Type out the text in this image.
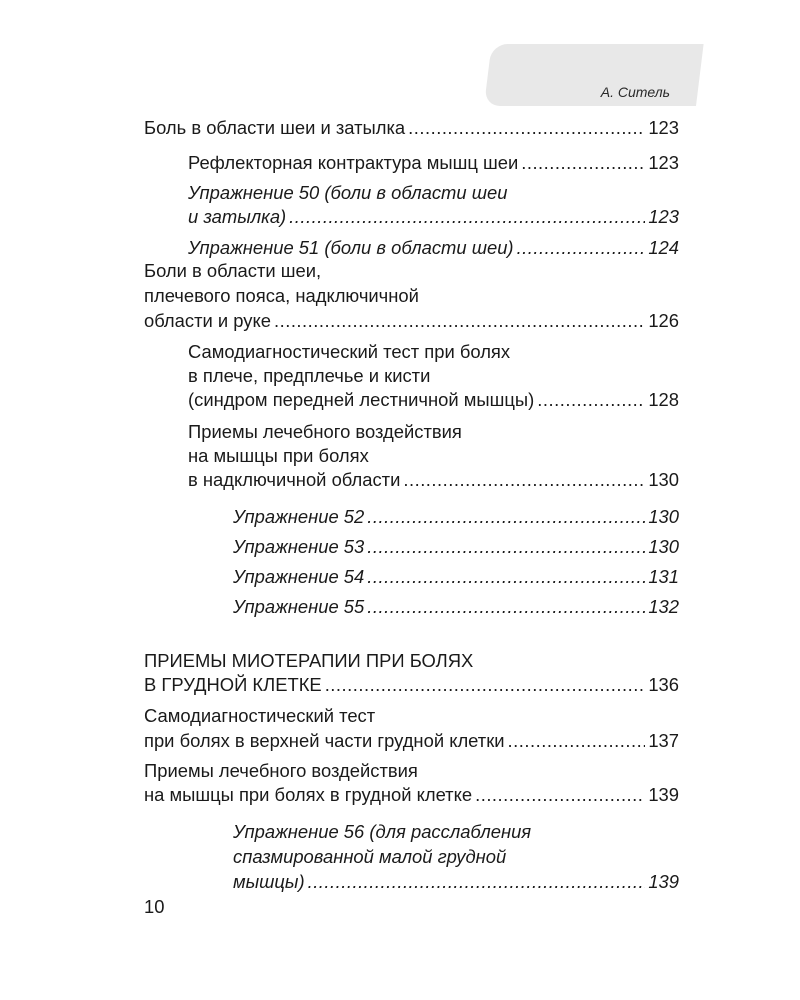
А. Ситель
Боль в области шеи и затылка .....	123
Рефлекторная контрактура мышц шеи .....	123
Упражнение 50 (боли в области шеи
и затылка) .....	123
Упражнение 51 (боли в области шеи) .....	124
Боли в области шеи,
плечевого пояса, надключичной
области и руке .....	126
Самодиагностический тест при болях
в плече, предплечье и кисти
(синдром передней лестничной мышцы) .....	128
Приемы лечебного воздействия
на мышцы при болях
в надключичной области .....	130
Упражнение 52 .....	130
Упражнение 53 .....	130
Упражнение 54 .....	131
Упражнение 55 .....	132
ПРИЕМЫ МИОТЕРАПИИ ПРИ БОЛЯХ
В ГРУДНОЙ КЛЕТКЕ .....	136
Самодиагностический тест
при болях в верхней части грудной клетки .....	137
Приемы лечебного воздействия
на мышцы при болях в грудной клетке .....	139
Упражнение 56 (для расслабления
спазмированной малой грудной
мышцы) .....	139
10
